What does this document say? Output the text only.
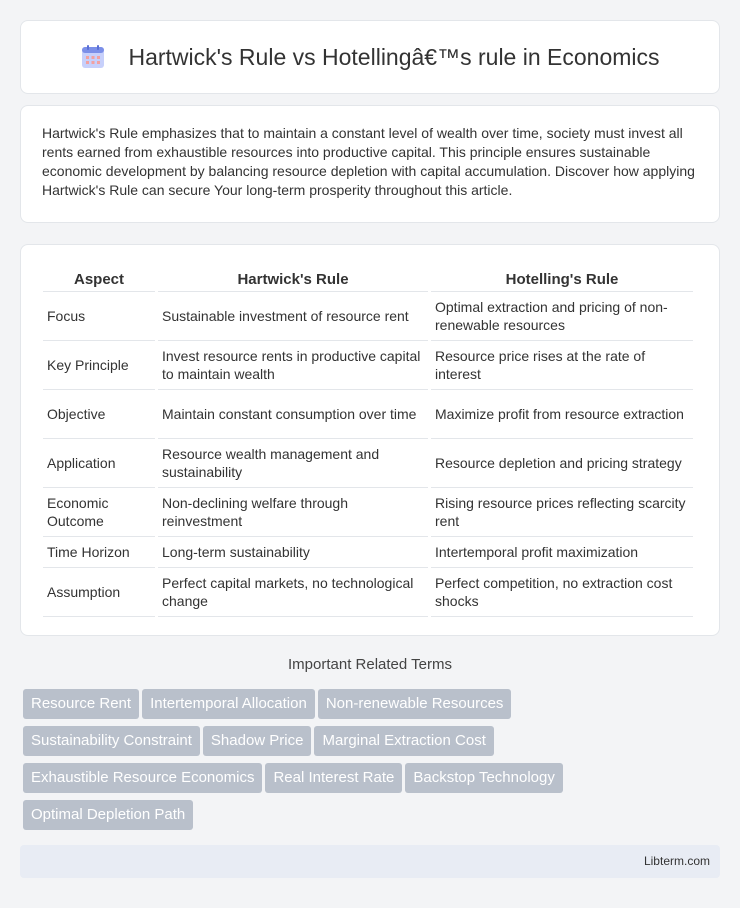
Hartwick's Rule vs Hotellingâ€™s rule in Economics

Hartwick's Rule emphasizes that to maintain a constant level of wealth over time, society must invest all rents earned from exhaustible resources into productive capital. This principle ensures sustainable economic development by balancing resource depletion with capital accumulation. Discover how applying Hartwick's Rule can secure Your long-term prosperity throughout this article.

Aspect	Hartwick's Rule	Hotelling's Rule
Focus	Sustainable investment of resource rent	Optimal extraction and pricing of non-renewable resources
Key Principle	Invest resource rents in productive capital to maintain wealth	Resource price rises at the rate of interest
Objective	Maintain constant consumption over time	Maximize profit from resource extraction
Application	Resource wealth management and sustainability	Resource depletion and pricing strategy
Economic Outcome	Non-declining welfare through reinvestment	Rising resource prices reflecting scarcity rent
Time Horizon	Long-term sustainability	Intertemporal profit maximization
Assumption	Perfect capital markets, no technological change	Perfect competition, no extraction cost shocks
Important Related Terms
Resource Rent Intertemporal Allocation Non-renewable Resources
Sustainability Constraint Shadow Price Marginal Extraction Cost
Exhaustible Resource Economics Real Interest Rate Backstop Technology
Optimal Depletion Path
Libterm.com
